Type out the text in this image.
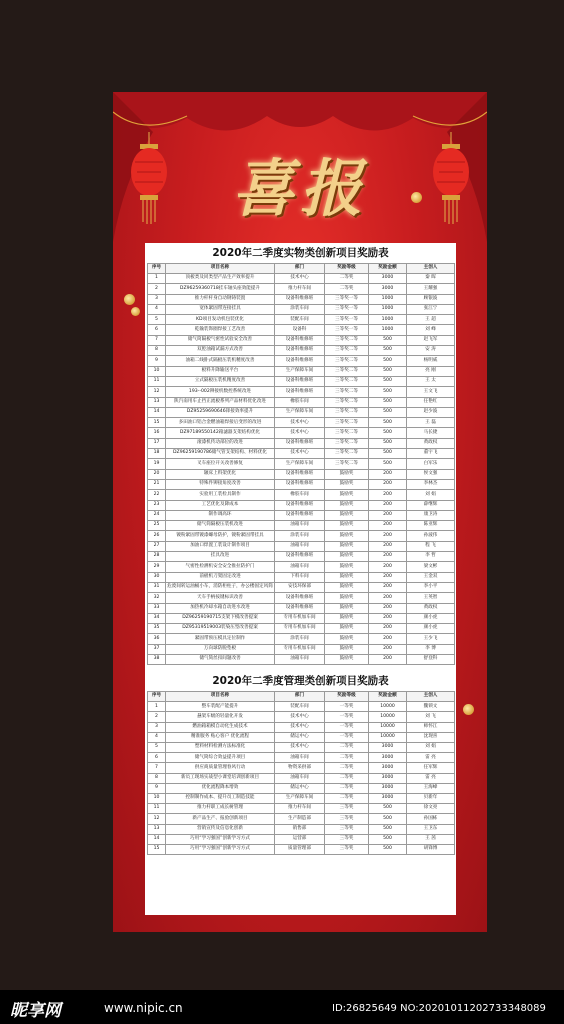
喜报
2020年二季度实物类创新项目奖励表
序号	项目名称	部门	奖励等级	奖励金额	主创人
1	顶板类及同类型产品生产效率提升	技术中心	二等奖	3000	秦 晖
2	DZ96259360718挂车轴头座效能提升	推力杆车间	二等奖	3000	王耀强
3	推力杆杆身自动钢铸装置	设备科维修班	三等奖一等	1000	顾银波
4	宽体紧固带连接挂具	涂装车间	三等奖一等	1000	张江宁
5	KD项目发动机包装优化	装配车间	三等奖一等	1000	王 超
6	乾输装饰圈焊接工艺改善	设备科	三等奖一等	1000	刘 峰
7	储气筒隔板气密性试验安全改善	设备科维修班	三等奖二等	500	赵飞军
8	双腔油箱试漏方式改善	设备科维修班	三等奖二等	500	安 涛
9	油箱二线卧式隔板压装机精度改善	设备科维修班	三等奖二等	500	杨明威
10	板料升降输送平台	生产保障车间	三等奖二等	500	亮 刚
11	立式隔板压装机精度改善	设备科维修班	三等奖二等	500	王 太
12	193--002铆接机数控系统改进	设备科维修班	三等奖二等	500	王文飞
13	陕汽南用车止挡正流板系列产品材料优化改进	橡胶车间	三等奖二等	500	任艳红
14	DZ95259690646锋接效率提升	生产保障车间	三等奖二等	500	赵少波
15	多田油口铝合金燃油箱焊接后变形的改进	技术中心	三等奖二等	500	王 磊
16	DZ97189550142箱滤器支架结构优化	技术中心	三等奖二等	500	马长捷
17	滚漆机传动部位的改进	设备科维修班	三等奖二等	500	黄政权
18	DZ96259190786储气管支架结构、材料优化	技术中心	三等奖二等	500	董宇飞
19	叉车座位开关改善修复	生产保障车间	三等奖二等	500	白军乐
20	辗床上料架优化	设备科维修班	鼓励奖	200	侯文强
21	特殊件铆接角度改善	设备科维修班	鼓励奖	200	李林杰
22	实验用工装检具制作	橡胶车间	鼓励奖	200	刘 娟
23	工艺优化及降成本	设备科维修班	鼓励奖	200	薛继辉
24	制作调高环	设备科维修班	鼓励奖	200	康卫涛
25	储气筒隔板压装机改进	油箱车间	鼓励奖	200	陈亚辉
26	镀粉紧固带镀漆螺母防护，镀粉紧固带挂具	涂装车间	鼓励奖	200	孙波伟
27	加油口焊置工装设计制作项目	油箱车间	鼓励奖	200	程 飞
28	挂具改进	设备科维修班	鼓励奖	200	李 哲
29	气密性检测机安全安全推拉防护门	油箱车间	鼓励奖	200	梁文彬
30	前板机刀架固定改进	下料车间	鼓励奖	200	王金双
31	危废间转运油桶小车，消防柜柱子，办公楼固定风筒	安技环保部	鼓励奖	200	李小平
32	天车手柄按键标识改善	设备科维修班	鼓励奖	200	王英智
33	加热机冷却水箱自动进水改进	设备科维修班	鼓励奖	200	黄政权
34	DZ96259190715支架下模改善提案	专用车机加车间	鼓励奖	200	颜小虎
35	DZ95319519003装染压型改善提案	专用车机加车间	鼓励奖	200	颜小虎
36	紧固带预压模具定位制作	涂装车间	鼓励奖	200	王少飞
37	万向球防脱垫板	专用车机加车间	鼓励奖	200	李 博
38	储气筒丝扣间题改善	油箱车间	鼓励奖	200	舒登科
2020年二季度管理类创新项目奖励表
序号	项目名称	部门	奖励等级	奖励金额	主创人
1	整车装配产能提升	装配车间	一等奖	10000	魏锁文
2	悬架车级的轻量化开发	技术中心	一等奖	10000	刘 飞
3	燃油箱箱模自动化生成技术	技术中心	一等奖	10000	师怀江
4	精准服务 贴心客户 优化流程	储运中心	一等奖	10000	沈现喜
5	塑料材料检测方法标准化	技术中心	二等奖	3000	刘 娟
6	储气筒综合效益提升项目	油箱车间	二等奖	3000	雷 亮
7	供应商质量管理春风行动	物资采供部	二等奖	3000	任军辉
8	新员工现场实战型小课堂培训创新项目	油箱车间	二等奖	3000	雷 亮
9	优化流程降本增效	储运中心	二等奖	3000	王海峰
10	控制制作成本、提升员工制造技能	生产保障车间	二等奖	3000	贝新年
11	推力杆职工成长树管理	推力杆车间	三等奖	500	徐文亮
12	新产品生产、报验创新项目	生产制造部	三等奖	500	孙国栋
13	营销宣传及信息化创新	销售部	三等奖	500	王卫东
14	巧用“学习强国”创新学习方式	运营部	三等奖	500	王 茜
15	巧用“学习强国”创新学习方式	质量管理部	三等奖	500	胡锋博
昵享网	www.nipic.cn	ID:26825649 NO:20201011202733348089
